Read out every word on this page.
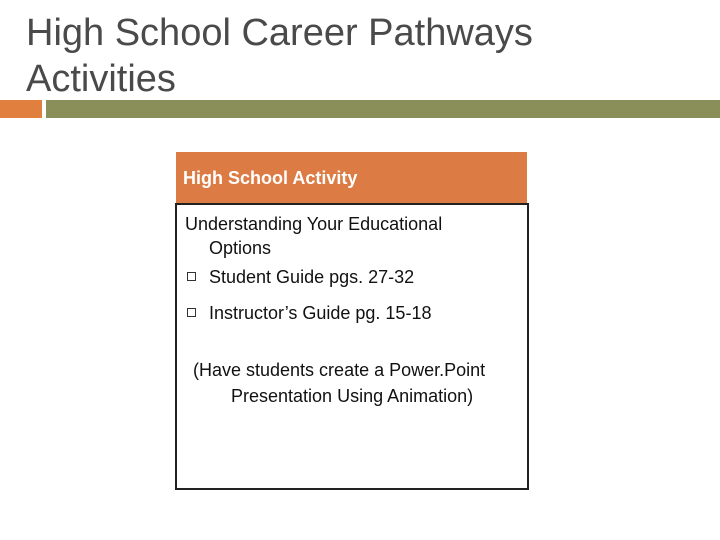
High School Career Pathways
Activities
High School Activity
Understanding Your Educational
Options
Student Guide pgs. 27-32
Instructor’s Guide pg. 15-18
(Have students create a Power.Point
Presentation Using Animation)
